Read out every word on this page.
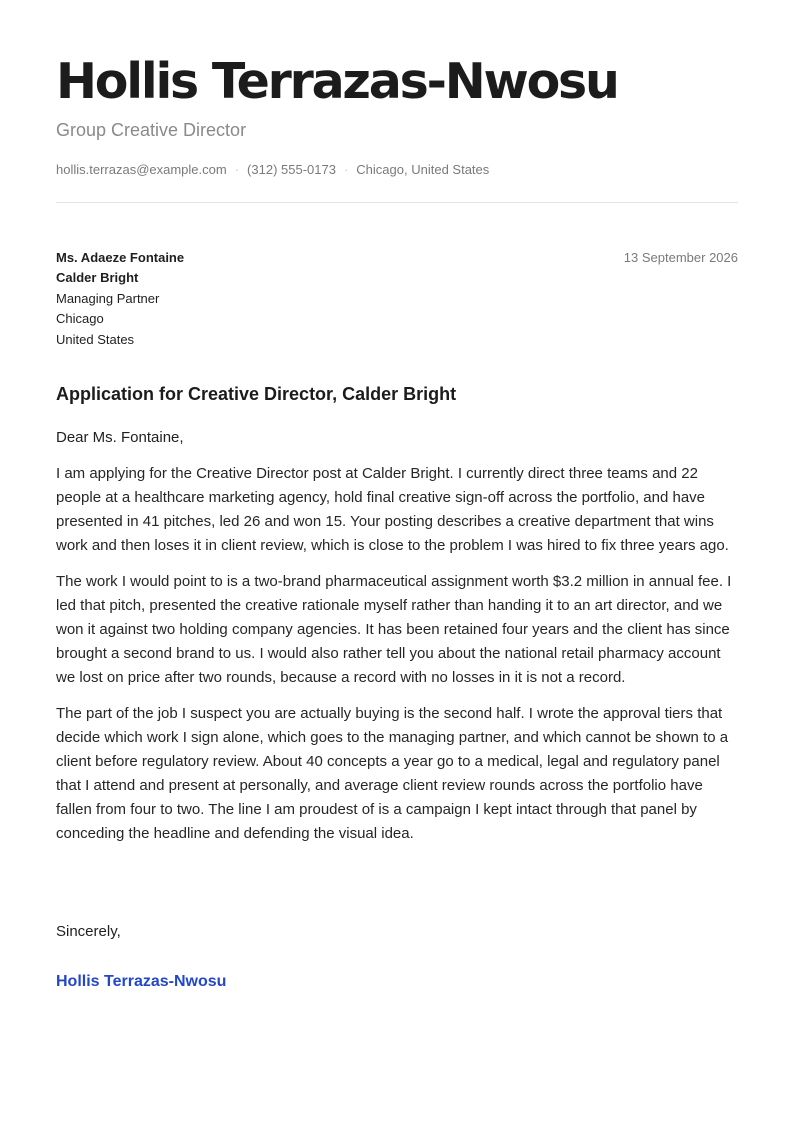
Hollis Terrazas-Nwosu
Group Creative Director
hollis.terrazas@example.com · (312) 555-0173 · Chicago, United States
Ms. Adaeze Fontaine
Calder Bright
Managing Partner
Chicago
United States
13 September 2026
Application for Creative Director, Calder Bright
Dear Ms. Fontaine,

I am applying for the Creative Director post at Calder Bright. I currently direct three teams and 22 people at a healthcare marketing agency, hold final creative sign-off across the portfolio, and have presented in 41 pitches, led 26 and won 15. Your posting describes a creative department that wins work and then loses it in client review, which is close to the problem I was hired to fix three years ago.

The work I would point to is a two-brand pharmaceutical assignment worth $3.2 million in annual fee. I led that pitch, presented the creative rationale myself rather than handing it to an art director, and we won it against two holding company agencies. It has been retained four years and the client has since brought a second brand to us. I would also rather tell you about the national retail pharmacy account we lost on price after two rounds, because a record with no losses in it is not a record.

The part of the job I suspect you are actually buying is the second half. I wrote the approval tiers that decide which work I sign alone, which goes to the managing partner, and which cannot be shown to a client before regulatory review. About 40 concepts a year go to a medical, legal and regulatory panel that I attend and present at personally, and average client review rounds across the portfolio have fallen from four to two. The line I am proudest of is a campaign I kept intact through that panel by conceding the headline and defending the visual idea.

Sincerely,
Hollis Terrazas-Nwosu
